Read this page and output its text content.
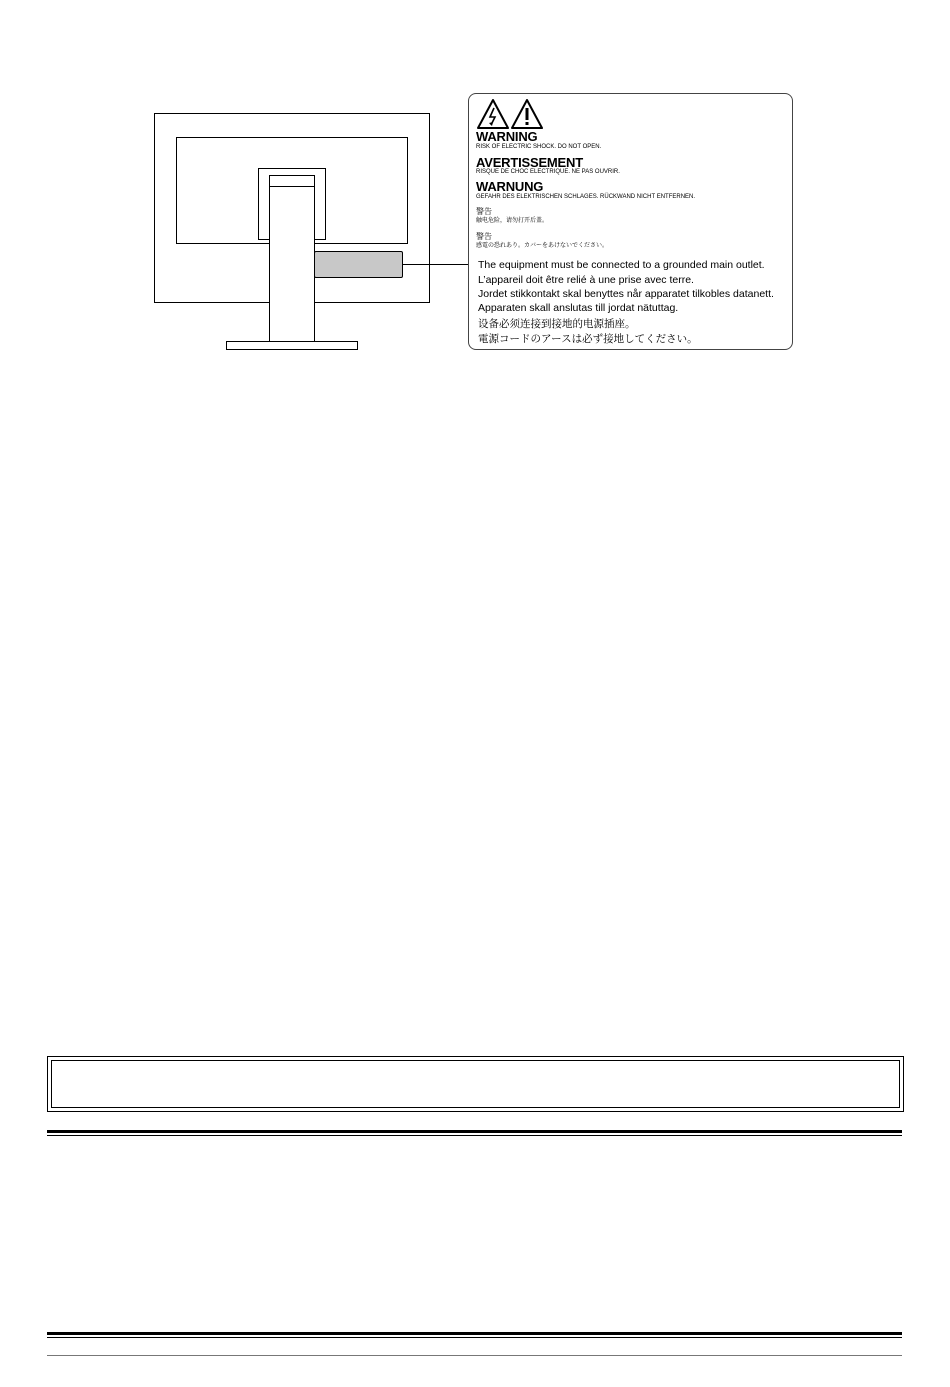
WARNING
RISK OF ELECTRIC SHOCK. DO NOT OPEN.
AVERTISSEMENT
RISQUE DE CHOC ELECTRIQUE. NE PAS OUVRIR.
WARNUNG
GEFAHR DES ELEKTRISCHEN SCHLAGES. RÜCKWAND NICHT ENTFERNEN.
警告
触电危险，请勿打开后盖。
警告
感電の恐れあり。カバーをあけないでください。
The equipment must be connected to a grounded main outlet.
L’appareil doit être relié à une prise avec terre.
Jordet stikkontakt skal benyttes når apparatet tilkobles datanett.
Apparaten skall anslutas till jordat nätuttag.
设备必须连接到接地的电源插座。
電源コードのアースは必ず接地してください。
